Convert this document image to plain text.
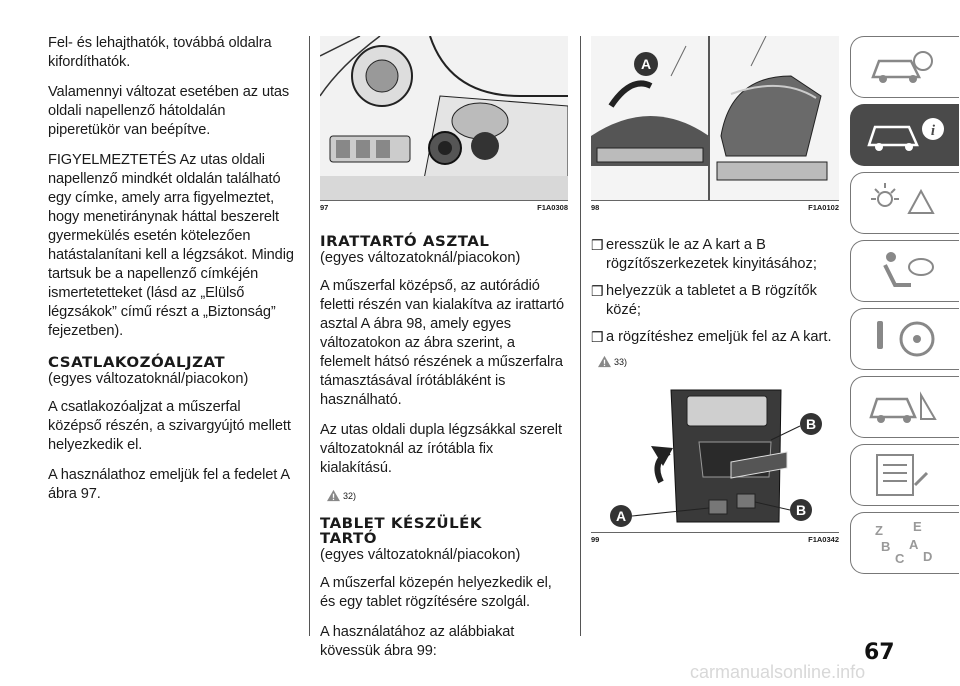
Fel- és lehajthatók, továbbá oldalra kifordíthatók.

Valamennyi változat esetében az utas oldali napellenző hátoldalán piperetükör van beépítve.

FIGYELMEZTETÉS Az utas oldali napellenző mindkét oldalán található egy címke, amely arra figyelmeztet, hogy menetiránynak háttal beszerelt gyermekülés esetén kötelezően hatástalanítani kell a légzsákot. Mindig tartsuk be a napellenző címkéjén ismertetetteket (lásd az „Elülső légzsákok” című részt a „Biztonság” fejezetben).

CSATLAKOZÓALJZAT
(egyes változatoknál/piacokon)

A csatlakozóaljzat a műszerfal középső részén, a szivargyújtó mellett helyezkedik el.

A használathoz emeljük fel a fedelet A ábra 97.

97	F1A0308
IRATTARTÓ ASZTAL
(egyes változatoknál/piacokon)

A műszerfal középső, az autórádió feletti részén van kialakítva az irattartó asztal A ábra 98, amely egyes változatokon az ábra szerint, a felemelt hátsó részének a műszerfalra támasztásával írótábláként is használható.

Az utas oldali dupla légzsákkal szerelt változatoknál az írótábla fix kialakítású.

32)
TABLET KÉSZÜLÉK
TARTÓ
(egyes változatoknál/piacokon)

A műszerfal közepén helyezkedik el, és egy tablet rögzítésére szolgál.

A használatához az alábbiakat kövessük ábra 99:

A
98	F1A0102
❒ eresszük le az A kart a B rögzítőszerkezetek kinyitásához;
❒ helyezzük a tabletet a B rögzítők közé;
❒ a rögzítéshez emeljük fel az A kart.
33)
B
A	B
99	F1A0342
i
Z E
B A
C D
67
carmanualsonline.info
